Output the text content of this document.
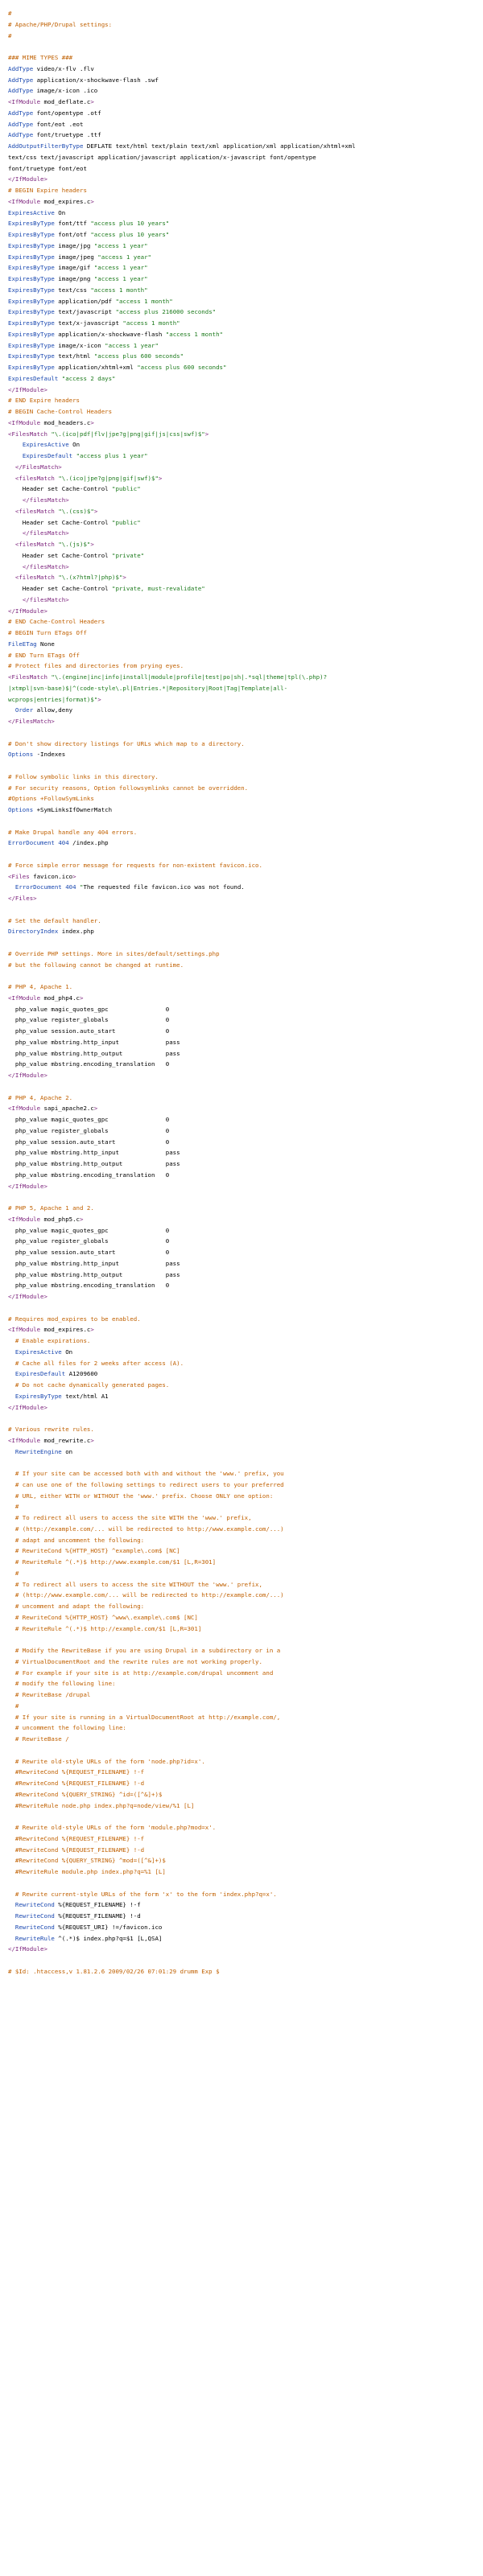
#
# Apache/PHP/Drupal settings:
#

### MIME TYPES ###
AddType video/x-flv .flv
AddType application/x-shockwave-flash .swf
AddType image/x-icon .ico
<IfModule mod_deflate.c>
AddType font/opentype .otf
AddType font/eot .eot
AddType font/truetype .ttf
AddOutputFilterByType DEFLATE text/html text/plain text/xml application/xml application/xhtml+xml
text/css text/javascript application/javascript application/x-javascript font/opentype
font/truetype font/eot
</IfModule>
# BEGIN Expire headers
<IfModule mod_expires.c>
ExpiresActive On
ExpiresByType font/ttf "access plus 10 years"
ExpiresByType font/otf "access plus 10 years"
ExpiresByType image/jpg "access 1 year"
ExpiresByType image/jpeg "access 1 year"
ExpiresByType image/gif "access 1 year"
ExpiresByType image/png "access 1 year"
ExpiresByType text/css "access 1 month"
ExpiresByType application/pdf "access 1 month"
ExpiresByType text/javascript "access plus 216000 seconds"
ExpiresByType text/x-javascript "access 1 month"
ExpiresByType application/x-shockwave-flash "access 1 month"
ExpiresByType image/x-icon "access 1 year"
ExpiresByType text/html "access plus 600 seconds"
ExpiresByType application/xhtml+xml "access plus 600 seconds"
ExpiresDefault "access 2 days"
</IfModule>
# END Expire headers
# BEGIN Cache-Control Headers
<IfModule mod_headers.c>
<FilesMatch "\.(ico|pdf|flv|jpe?g|png|gif|js|css|swf)$">
ExpiresActive On
ExpiresDefault "access plus 1 year"
</FilesMatch>
<filesMatch "\.(ico|jpe?g|png|gif|swf)$">
Header set Cache-Control "public"
</filesMatch>
<filesMatch "\.(css)$">
Header set Cache-Control "public"
</filesMatch>
<filesMatch "\.(js)$">
Header set Cache-Control "private"
</filesMatch>
<filesMatch "\.(x?html?|php)$">
Header set Cache-Control "private, must-revalidate"
</filesMatch>
</IfModule>
# END Cache-Control Headers
# BEGIN Turn ETags Off
FileETag None
# END Turn ETags Off
# Protect files and directories from prying eyes.
<FilesMatch "\.(engine|inc|info|install|module|profile|test|po|sh|.*sql|theme|tpl(\.php)?
|xtmpl|svn-base)$|^(code-style\.pl|Entries.*|Repository|Root|Tag|Template|all-
wcprops|entries|format)$">
Order allow,deny
</FilesMatch>

# Don't show directory listings for URLs which map to a directory.
Options -Indexes

# Follow symbolic links in this directory.
# For security reasons, Option followsymlinks cannot be overridden.
#Options +FollowSymLinks
Options +SymLinksIfOwnerMatch

# Make Drupal handle any 404 errors.
ErrorDocument 404 /index.php

# Force simple error message for requests for non-existent favicon.ico.
<Files favicon.ico>
ErrorDocument 404 "The requested file favicon.ico was not found.
</Files>

# Set the default handler.
DirectoryIndex index.php

# Override PHP settings. More in sites/default/settings.php
# but the following cannot be changed at runtime.

# PHP 4, Apache 1.
<IfModule mod_php4.c>
php_value magic_quotes_gpc                0
php_value register_globals                0
php_value session.auto_start              0
php_value mbstring.http_input             pass
php_value mbstring.http_output            pass
php_value mbstring.encoding_translation   0
</IfModule>

# PHP 4, Apache 2.
<IfModule sapi_apache2.c>
php_value magic_quotes_gpc                0
php_value register_globals                0
php_value session.auto_start              0
php_value mbstring.http_input             pass
php_value mbstring.http_output            pass
php_value mbstring.encoding_translation   0
</IfModule>

# PHP 5, Apache 1 and 2.
<IfModule mod_php5.c>
php_value magic_quotes_gpc                0
php_value register_globals                0
php_value session.auto_start              0
php_value mbstring.http_input             pass
php_value mbstring.http_output            pass
php_value mbstring.encoding_translation   0
</IfModule>

# Requires mod_expires to be enabled.
<IfModule mod_expires.c>
# Enable expirations.
ExpiresActive On
# Cache all files for 2 weeks after access (A).
ExpiresDefault A1209600
# Do not cache dynamically generated pages.
ExpiresByType text/html A1
</IfModule>

# Various rewrite rules.
<IfModule mod_rewrite.c>
RewriteEngine on

# If your site can be accessed both with and without the 'www.' prefix, you
# can use one of the following settings to redirect users to your preferred
# URL, either WITH or WITHOUT the 'www.' prefix. Choose ONLY one option:
#
# To redirect all users to access the site WITH the 'www.' prefix,
# (http://example.com/... will be redirected to http://www.example.com/...)
# adapt and uncomment the following:
# RewriteCond %{HTTP_HOST} ^example\.com$ [NC]
# RewriteRule ^(.*)$ http://www.example.com/$1 [L,R=301]
#
# To redirect all users to access the site WITHOUT the 'www.' prefix,
# (http://www.example.com/... will be redirected to http://example.com/...)
# uncomment and adapt the following:
# RewriteCond %{HTTP_HOST} ^www\.example\.com$ [NC]
# RewriteRule ^(.*)$ http://example.com/$1 [L,R=301]

# Modify the RewriteBase if you are using Drupal in a subdirectory or in a
# VirtualDocumentRoot and the rewrite rules are not working properly.
# For example if your site is at http://example.com/drupal uncomment and
# modify the following line:
# RewriteBase /drupal
#
# If your site is running in a VirtualDocumentRoot at http://example.com/,
# uncomment the following line:
# RewriteBase /

# Rewrite old-style URLs of the form 'node.php?id=x'.
#RewriteCond %{REQUEST_FILENAME} !-f
#RewriteCond %{REQUEST_FILENAME} !-d
#RewriteCond %{QUERY_STRING} ^id=([^&]+)$
#RewriteRule node.php index.php?q=node/view/%1 [L]

# Rewrite old-style URLs of the form 'module.php?mod=x'.
#RewriteCond %{REQUEST_FILENAME} !-f
#RewriteCond %{REQUEST_FILENAME} !-d
#RewriteCond %{QUERY_STRING} ^mod=([^&]+)$
#RewriteRule module.php index.php?q=%1 [L]

# Rewrite current-style URLs of the form 'x' to the form 'index.php?q=x'.
RewriteCond %{REQUEST_FILENAME} !-f
RewriteCond %{REQUEST_FILENAME} !-d
RewriteCond %{REQUEST_URI} !=/favicon.ico
RewriteRule ^(.*)$ index.php?q=$1 [L,QSA]
</IfModule>

# $Id: .htaccess,v 1.81.2.6 2009/02/26 07:01:29 drumm Exp $
